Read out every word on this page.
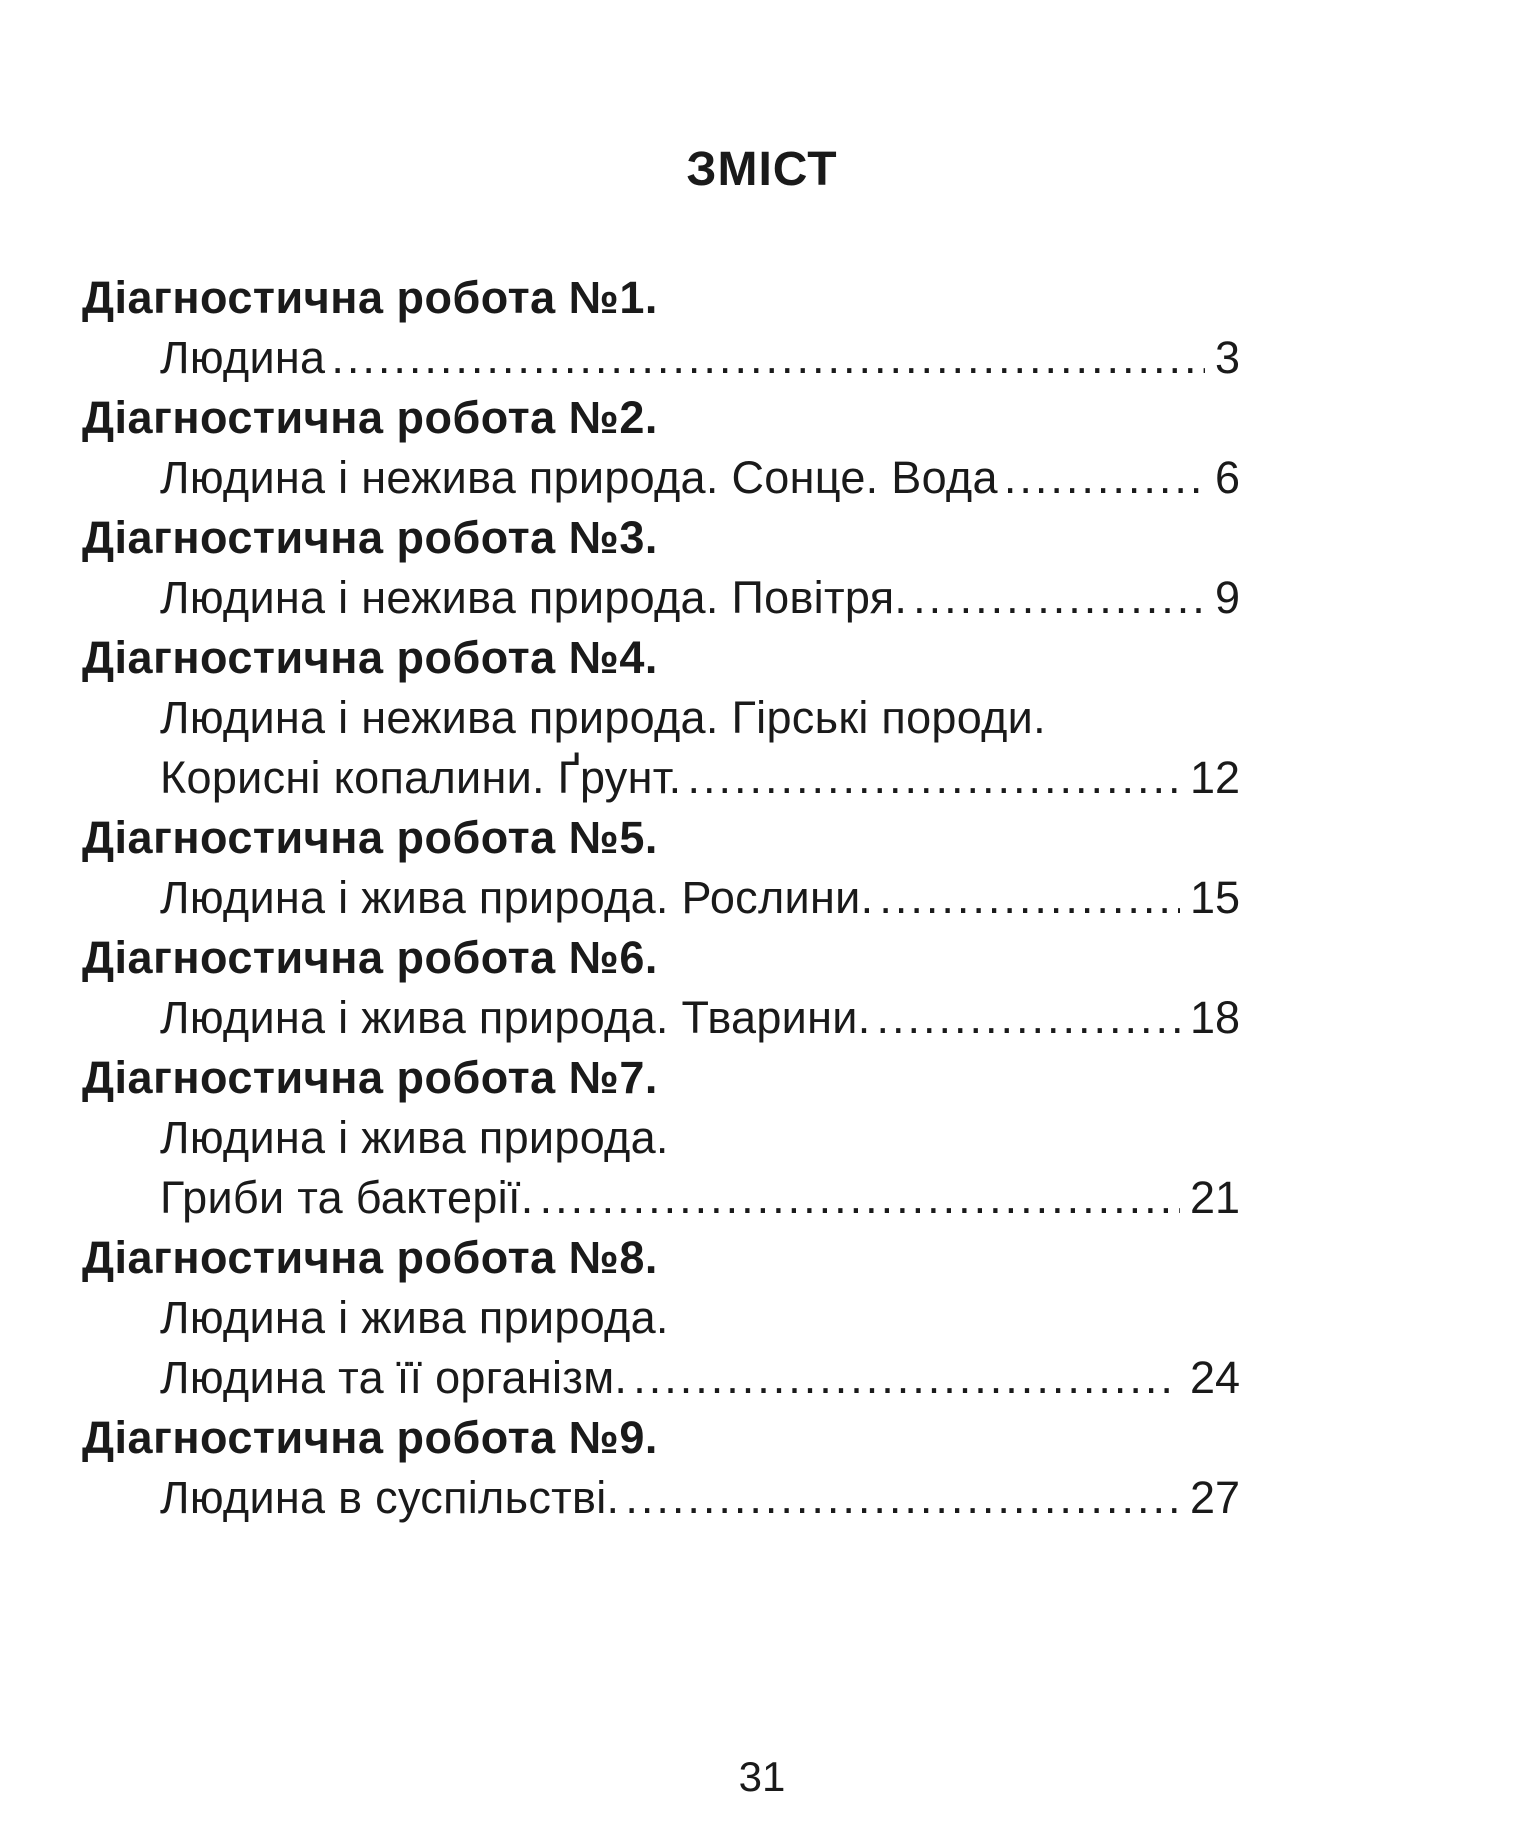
ЗМІСТ
Діагностична робота №1.
Людина .....	3
Діагностична робота №2.
Людина і нежива природа. Сонце. Вода .....	6
Діагностична робота №3.
Людина і нежива природа. Повітря. .....	9
Діагностична робота №4.
Людина і нежива природа. Гірські породи.
Корисні копалини. Ґрунт. .....	12
Діагностична робота №5.
Людина і жива природа. Рослини. .....	15
Діагностична робота №6.
Людина і жива природа. Тварини. .....	18
Діагностична робота №7.
Людина і жива природа.
Гриби та бактерії. .....	21
Діагностична робота №8.
Людина і жива природа.
Людина та її організм. .....	24
Діагностична робота №9.
Людина в суспільстві. .....	27
31
